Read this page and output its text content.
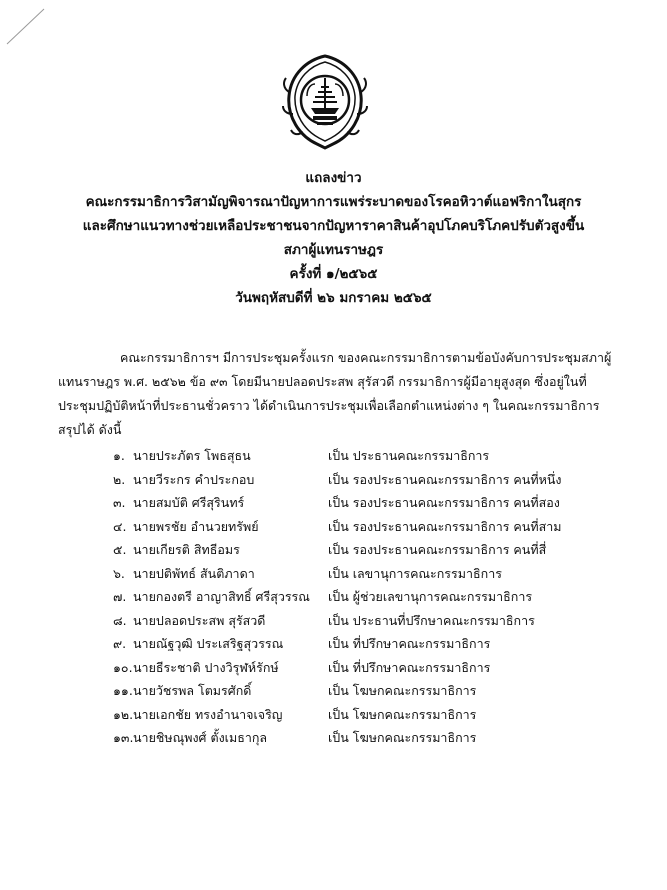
แถลงข่าว
คณะกรรมาธิการวิสามัญพิจารณาปัญหาการแพร่ระบาดของโรคอหิวาต์แอฟริกาในสุกร
และศึกษาแนวทางช่วยเหลือประชาชนจากปัญหาราคาสินค้าอุปโภคบริโภคปรับตัวสูงขึ้น
สภาผู้แทนราษฎร
ครั้งที่ ๑/๒๕๖๕
วันพฤหัสบดีที่ ๒๖ มกราคม ๒๕๖๕

คณะกรรมาธิการฯ มีการประชุมครั้งแรก ของคณะกรรมาธิการตามข้อบังคับการประชุมสภาผู้แทนราษฎร พ.ศ. ๒๕๖๒ ข้อ ๙๓ โดยมีนายปลอดประสพ สุรัสวดี กรรมาธิการผู้มีอายุสูงสุด ซึ่งอยู่ในที่ประชุมปฏิบัติหน้าที่ประธานชั่วคราว ได้ดำเนินการประชุมเพื่อเลือกตำแหน่งต่าง ๆ ในคณะกรรมาธิการสรุปได้ ดังนี้

๑. นายประภัตร โพธสุธน	เป็น ประธานคณะกรรมาธิการ
๒. นายวีระกร คำประกอบ	เป็น รองประธานคณะกรรมาธิการ คนที่หนึ่ง
๓. นายสมบัติ ศรีสุรินทร์	เป็น รองประธานคณะกรรมาธิการ คนที่สอง
๔. นายพรชัย อำนวยทรัพย์	เป็น รองประธานคณะกรรมาธิการ คนที่สาม
๕. นายเกียรติ สิทธีอมร	เป็น รองประธานคณะกรรมาธิการ คนที่สี่
๖. นายปติพัทธ์ สันติภาดา	เป็น เลขานุการคณะกรรมาธิการ
๗. นายกองตรี อาญาสิทธิ์ ศรีสุวรรณ เป็น ผู้ช่วยเลขานุการคณะกรรมาธิการ
๘. นายปลอดประสพ สุรัสวดี	เป็น ประธานที่ปรึกษาคณะกรรมาธิการ
๙. นายณัฐวุฒิ ประเสริฐสุวรรณ	เป็น ที่ปรึกษาคณะกรรมาธิการ
๑๐. นายธีระชาติ ปางวิรุฬห์รักษ์	เป็น ที่ปรึกษาคณะกรรมาธิการ
๑๑. นายวัชรพล โตมรศักดิ์	เป็น โฆษกคณะกรรมาธิการ
๑๒. นายเอกชัย ทรงอำนาจเจริญ	เป็น โฆษกคณะกรรมาธิการ
๑๓. นายชิษณุพงศ์ ตั้งเมธากุล	เป็น โฆษกคณะกรรมาธิการ
